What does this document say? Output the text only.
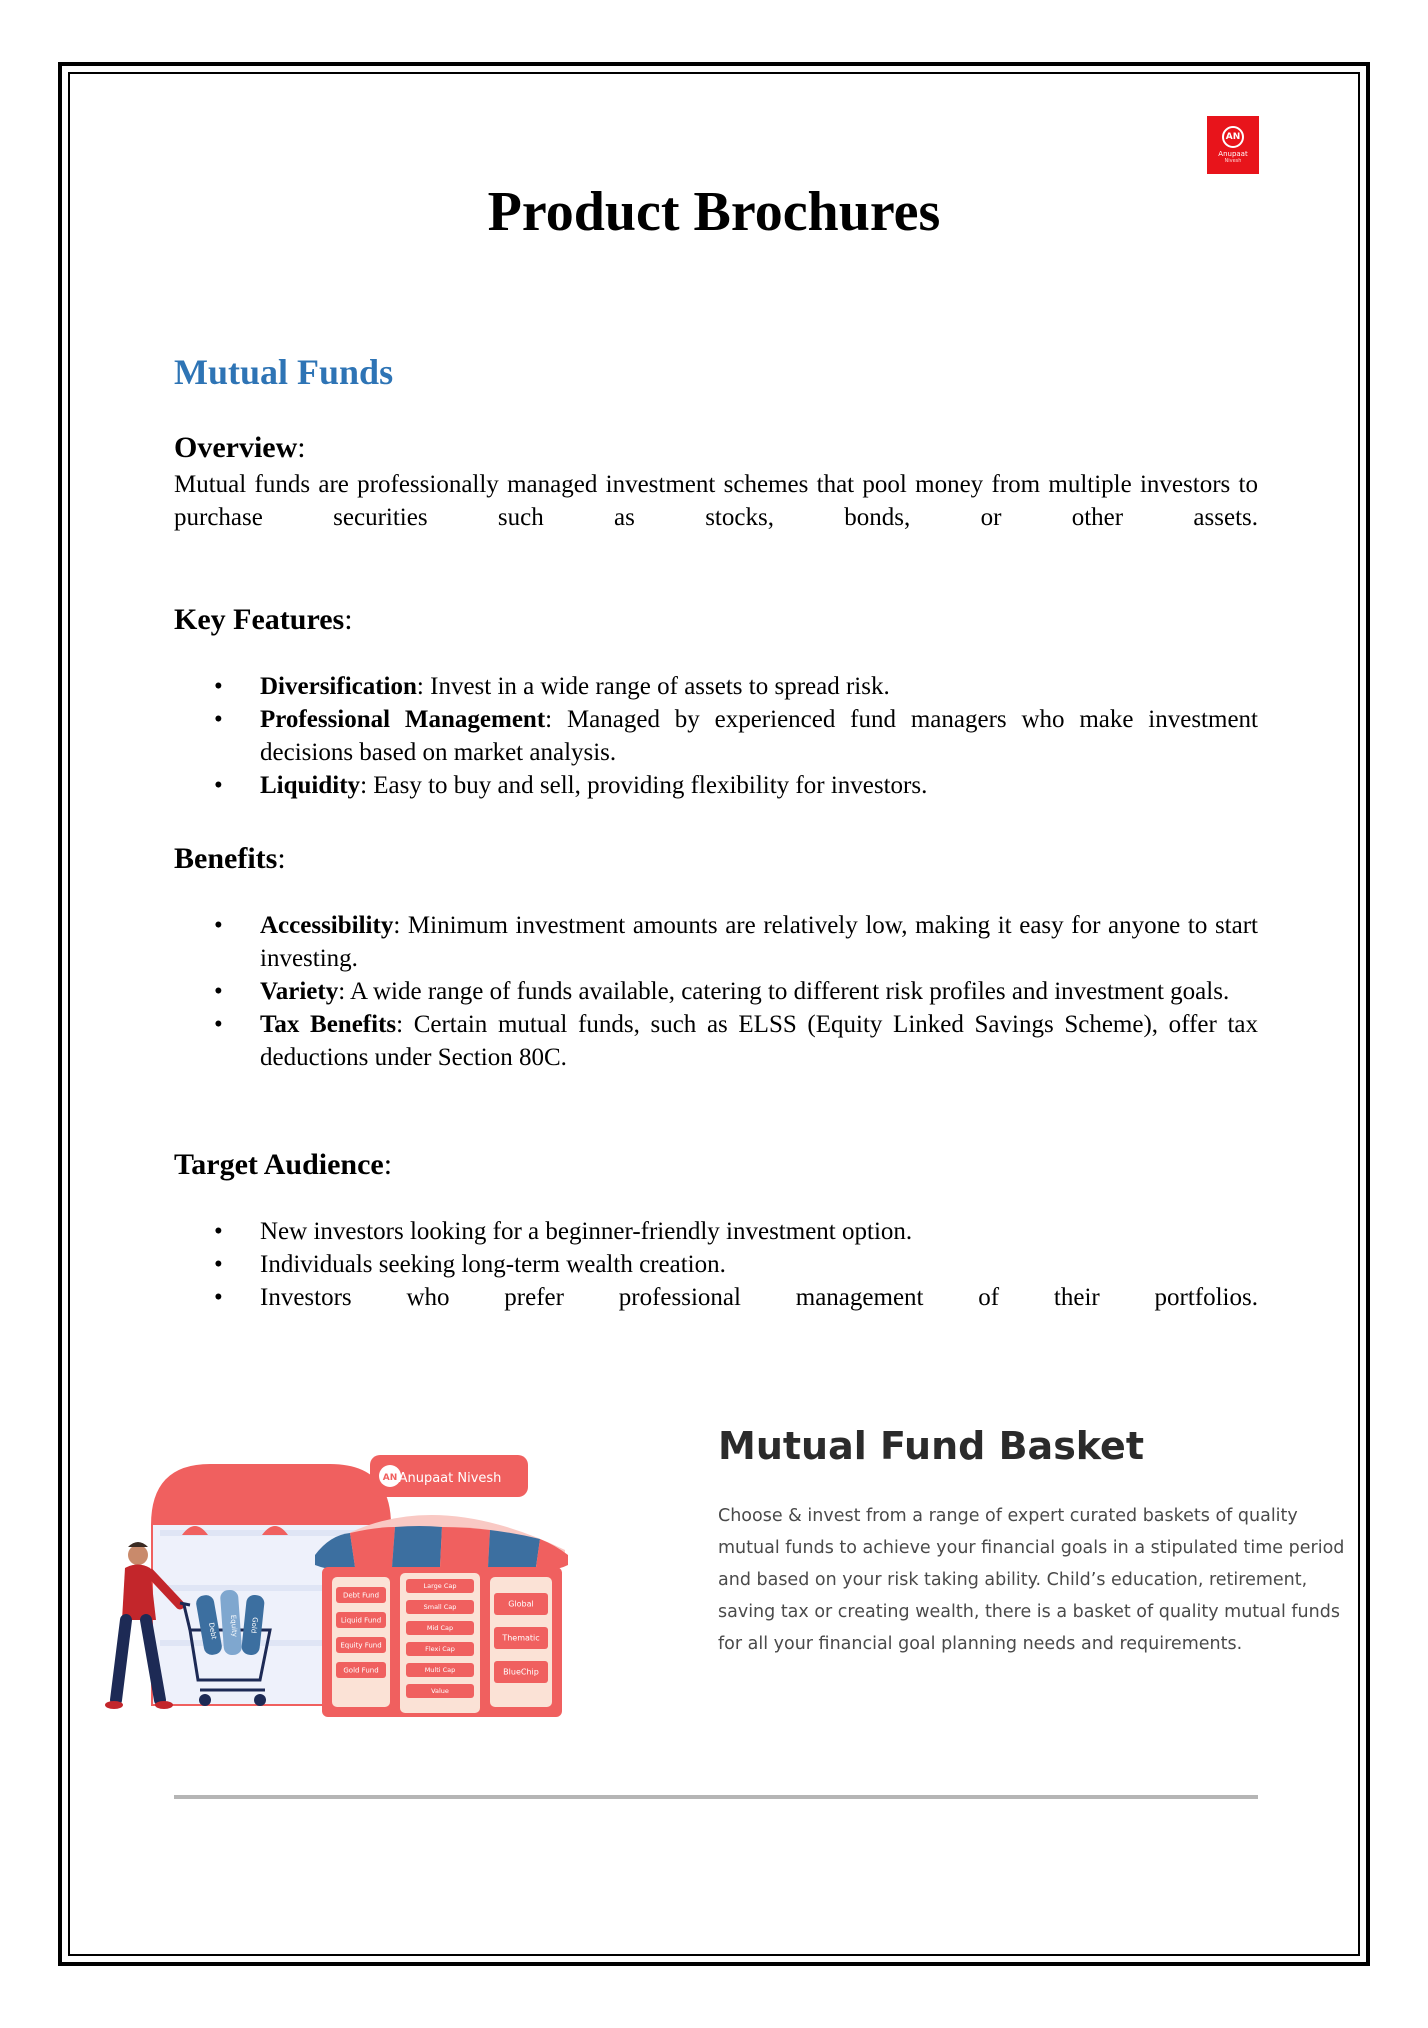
AN
Anupaat
Nivesh
Product Brochures
Mutual Funds

Overview:

Mutual funds are professionally managed investment schemes that pool money from multiple investors to purchase securities such as stocks, bonds, or other assets.

Key Features:

• Diversification: Invest in a wide range of assets to spread risk.
• Professional Management: Managed by experienced fund managers who make investment decisions based on market analysis.
• Liquidity: Easy to buy and sell, providing flexibility for investors.

Benefits:

• Accessibility: Minimum investment amounts are relatively low, making it easy for anyone to start investing.
• Variety: A wide range of funds available, catering to different risk profiles and investment goals.
• Tax Benefits: Certain mutual funds, such as ELSS (Equity Linked Savings Scheme), offer tax deductions under Section 80C.

Target Audience:

• New investors looking for a beginner-friendly investment option.
• Individuals seeking long-term wealth creation.
• Investors who prefer professional management of their portfolios.
AN Anupaat Nivesh
Debt Fund
Liquid Fund
Equity Fund
Gold Fund
Large Cap
Small Cap
Mid Cap
Flexi Cap
Multi Cap
Value
Global
Thematic
BlueChip
Debt Equity Gold
Mutual Fund Basket

Choose & invest from a range of expert curated baskets of quality mutual funds to achieve your financial goals in a stipulated time period and based on your risk taking ability. Child’s education, retirement, saving tax or creating wealth, there is a basket of quality mutual funds for all your financial goal planning needs and requirements.
